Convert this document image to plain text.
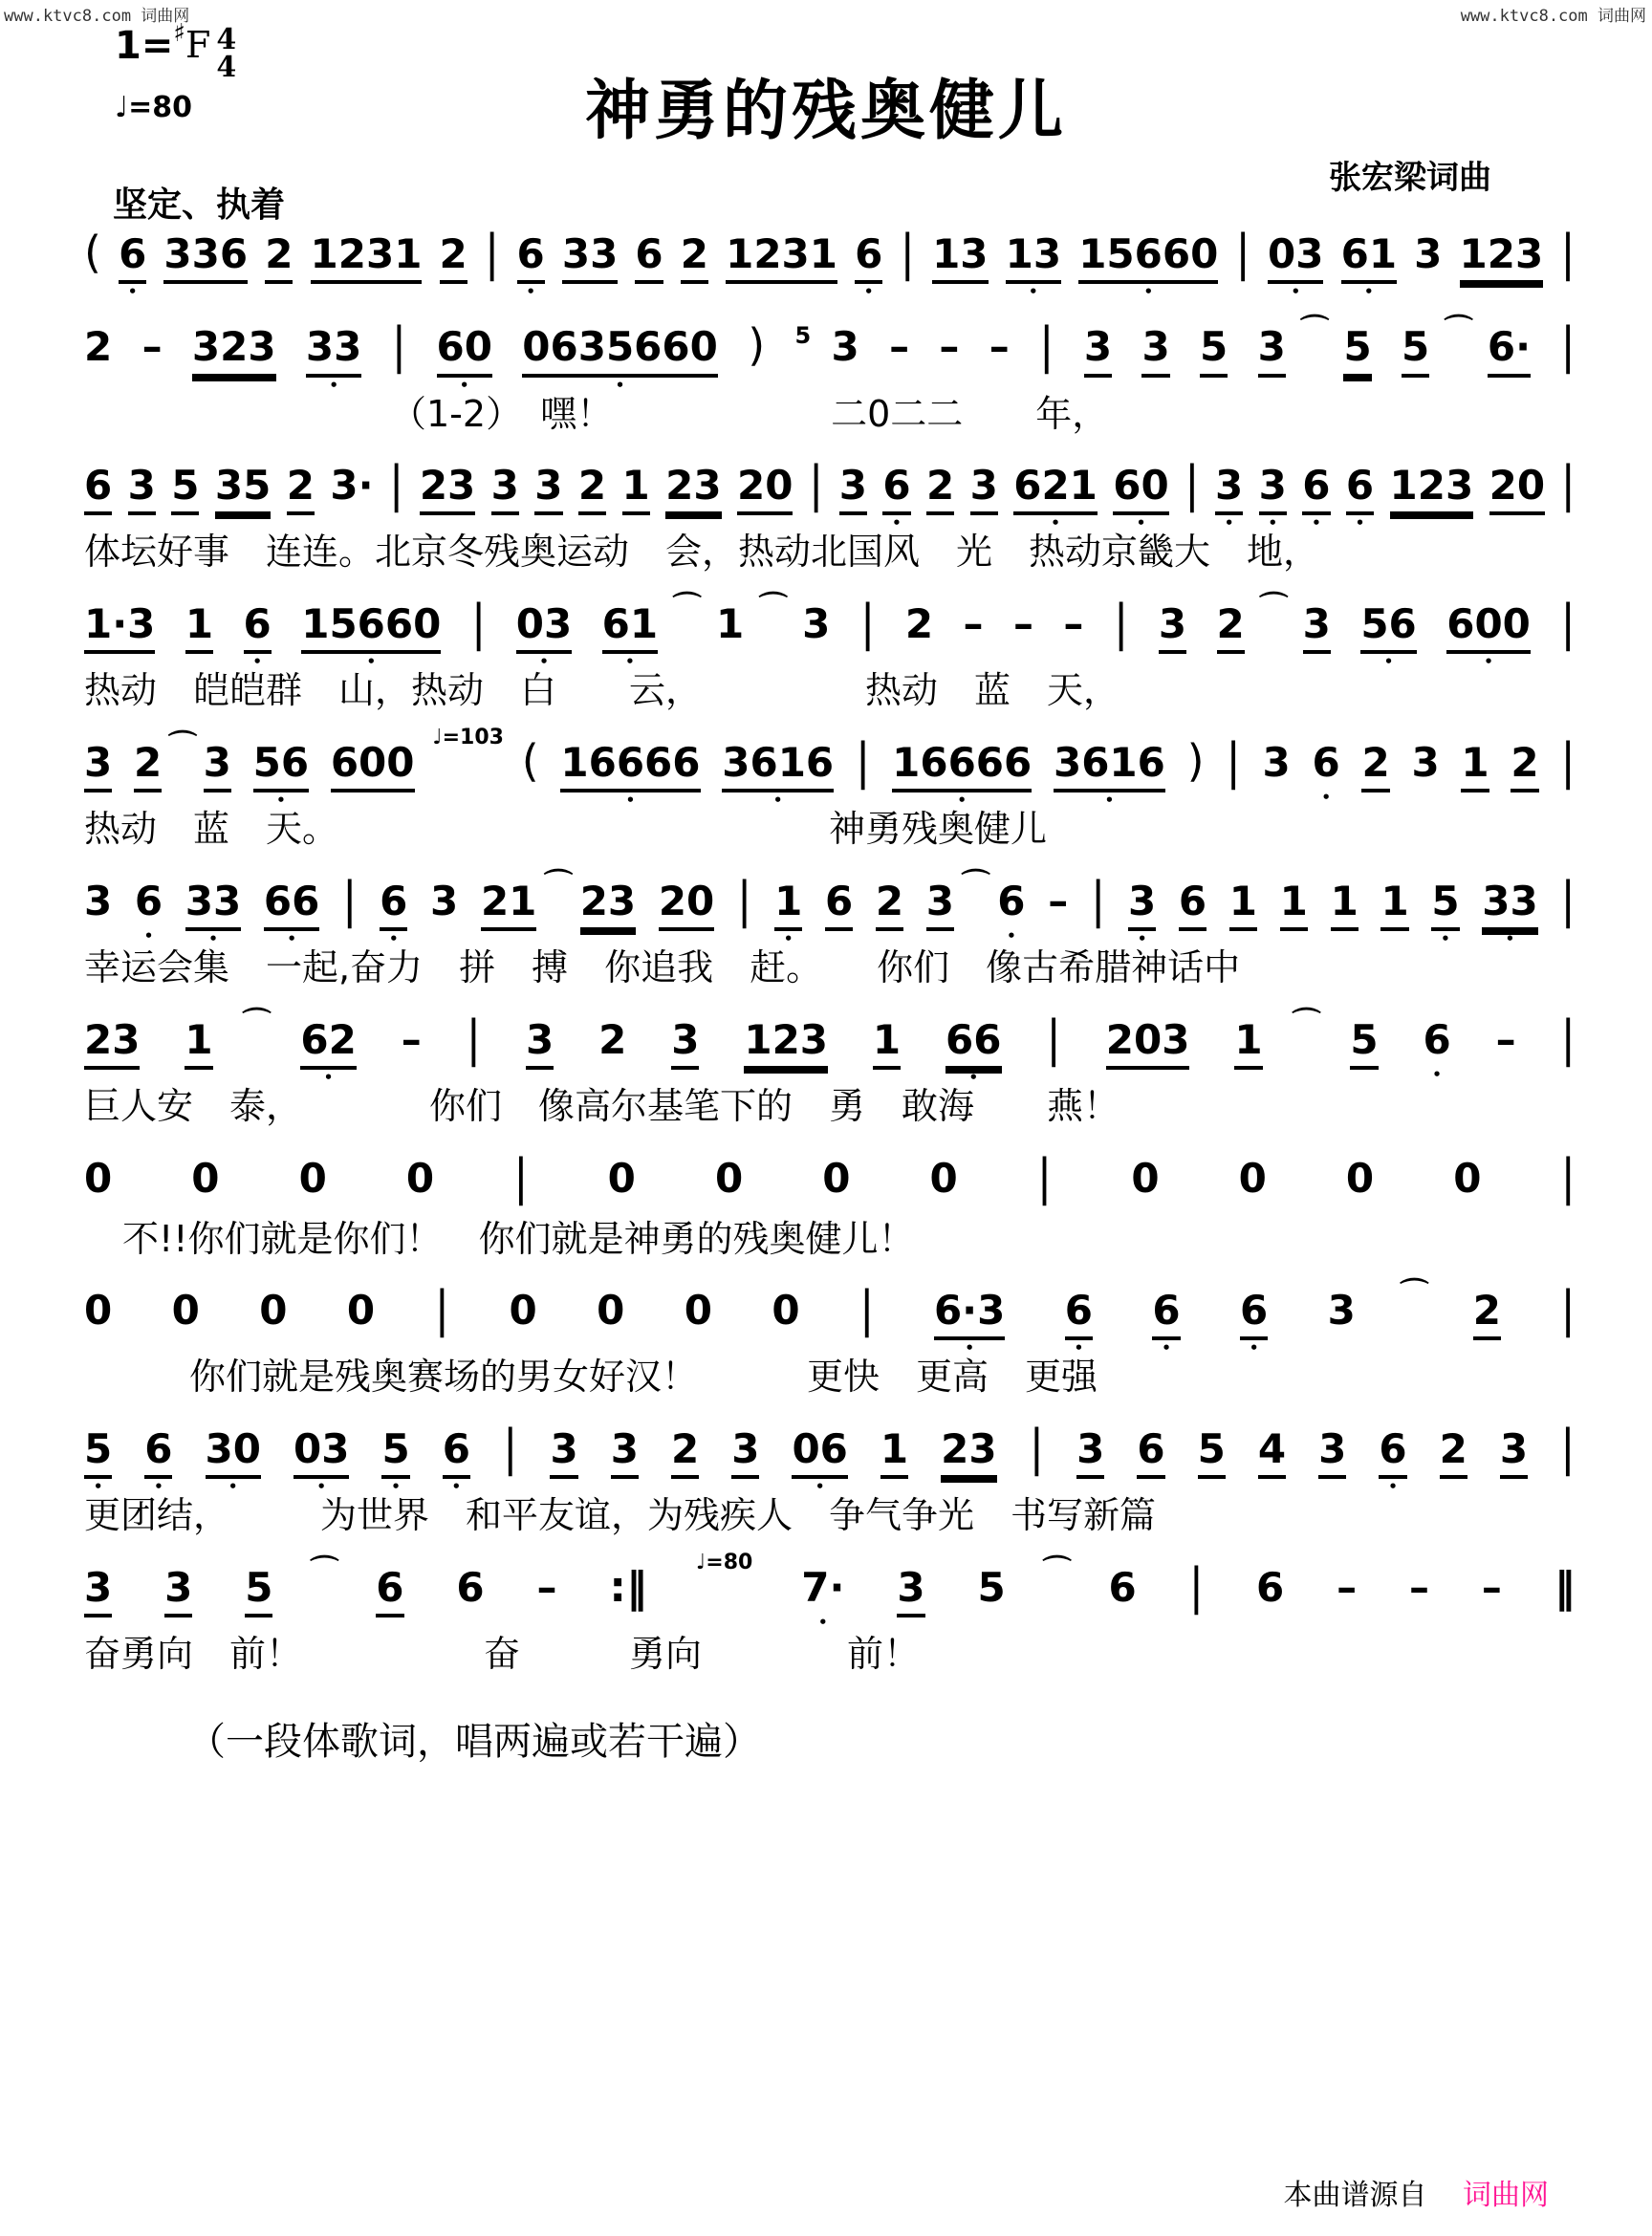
www.ktvc8.com 词曲网	www.ktvc8.com 词曲网
1= ♯ F 4
4
♩=80	神勇的残奥健儿
张宏梁词曲
坚定、执着
( 6 • 336 2 1231 2 | 6 • 33 6 2 1231 6 • | 13 13 • 15660 • | 03 • 61 • 3 123 |
2 – 323 33 • | 60 • 0635660 • ) 5 3 – – – | 3 3 5 3 ⌒ 5 5 ⌒ 6· |
（1-2）　嘿！　　　　　　二0二二　　年，
6 3 5 35 2 3· | 23 3 3 2 1 23 20 | 3 6 • 2 3 621 • 60 • | 3 • 3 • 6 • 6 • 123 20 |
体坛好事　连连。北京冬残奥运动　会，热动北国风　光　热动京畿大　地，
1·3 1 6 • 15660 • | 03 • 61 • ⌒ 1 ⌒ 3 | 2 – – – | 3 2 ⌒ 3 56 • 600 • |
热动　皑皑群　山，热动　白　　云，　　　　　热动　蓝　天，
3 2 ⌒ 3 56 • 600
♩=103 ( 16666 • 3616 • | 16666 • 3616 • ) | 3 6 • 2 3 1 2 |
热动　蓝　天。　　　　　　　　　　　　　　神勇残奥健儿
3 6 • 33 • 66 • | 6 • 3 21 ⌒ 23 20 | 1 • 6 2 3 ⌒ 6 • – | 3 • 6 1 1 1 1 5 • 33 • |
幸运会集　一起,奋力　拼　搏　你追我　赶。　　你们　像古希腊神话中
23 1 ⌒ 62 • – | 3 2 3 123 1 66 • | 203 1 ⌒ 5 6 • – |
巨人安　泰，　　　　你们　像高尔基笔下的　勇　敢海　　燕！
0 0 0 0 | 0 0 0 0 | 0 0 0 0 |
不!!你们就是你们！　你们就是神勇的残奥健儿！
0 0 0 0 | 0 0 0 0 | 6·3 • 6 • 6 • 6 • 3 ⌒ 2 |
你们就是残奥赛场的男女好汉！　　　更快　更高　更强
5 • 6 • 30 • 03 • 5 • 6 • | 3 3 2 3 06 • 1 23 | 3 6 5 4 3 6 • 2 3 |
更团结，　　　为世界　和平友谊，为残疾人　争气争光　书写新篇
3 3 5 ⌒ 6 6 – :‖
♩=80
7· • 3 5 ⌒ 6 | 6 – – – ‖
奋勇向　前！　　　　　奋　　　勇向　　　　前！
（一段体歌词，唱两遍或若干遍）
本曲谱源自 词曲网
